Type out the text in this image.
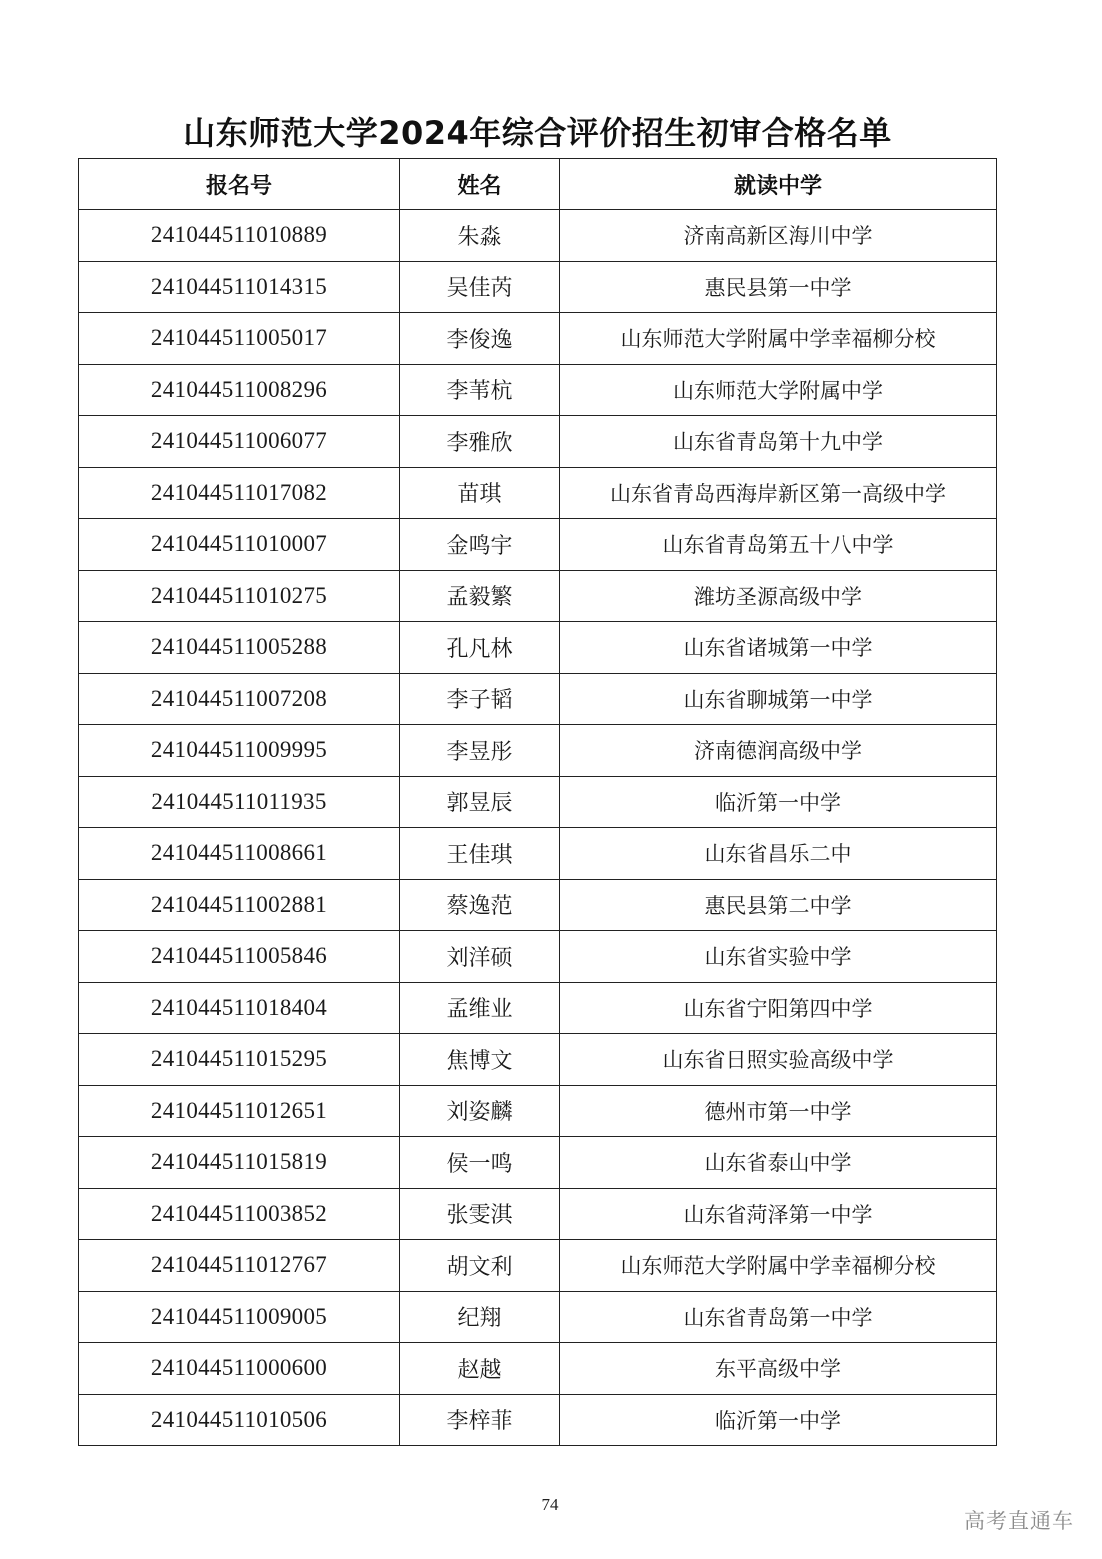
山东师范大学2024年综合评价招生初审合格名单
报名号	姓名	就读中学
241044511010889	朱淼	济南高新区海川中学
241044511014315	吴佳芮	惠民县第一中学
241044511005017	李俊逸	山东师范大学附属中学幸福柳分校
241044511008296	李苇杭	山东师范大学附属中学
241044511006077	李雅欣	山东省青岛第十九中学
241044511017082	苗琪	山东省青岛西海岸新区第一高级中学
241044511010007	金鸣宇	山东省青岛第五十八中学
241044511010275	孟毅繁	潍坊圣源高级中学
241044511005288	孔凡林	山东省诸城第一中学
241044511007208	李子韬	山东省聊城第一中学
241044511009995	李昱彤	济南德润高级中学
241044511011935	郭昱辰	临沂第一中学
241044511008661	王佳琪	山东省昌乐二中
241044511002881	蔡逸范	惠民县第二中学
241044511005846	刘洋硕	山东省实验中学
241044511018404	孟维业	山东省宁阳第四中学
241044511015295	焦博文	山东省日照实验高级中学
241044511012651	刘姿麟	德州市第一中学
241044511015819	侯一鸣	山东省泰山中学
241044511003852	张雯淇	山东省菏泽第一中学
241044511012767	胡文利	山东师范大学附属中学幸福柳分校
241044511009005	纪翔	山东省青岛第一中学
241044511000600	赵越	东平高级中学
241044511010506	李梓菲	临沂第一中学
74
高考直通车
